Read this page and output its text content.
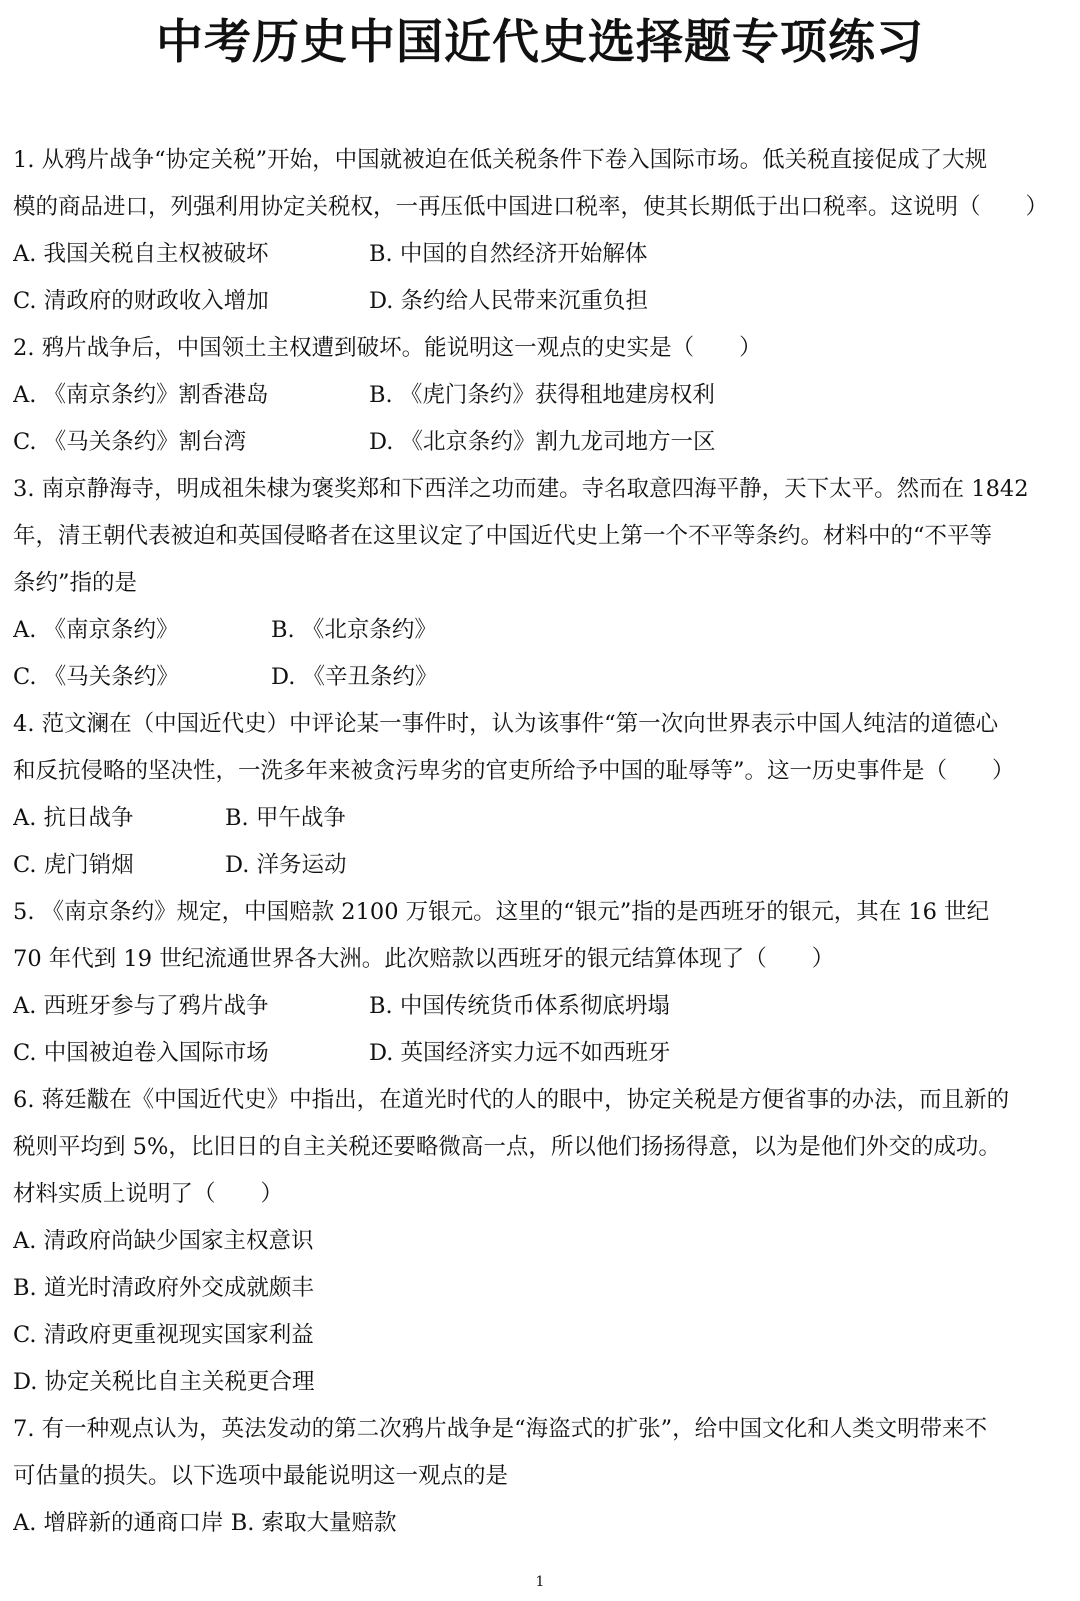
中考历史中国近代史选择题专项练习
1. 从鸦片战争“协定关税”开始，中国就被迫在低关税条件下卷入国际市场。低关税直接促成了大规
模的商品进口，列强利用协定关税权，一再压低中国进口税率，使其长期低于出口税率。这说明（　　）
A. 我国关税自主权被破坏	B. 中国的自然经济开始解体
C. 清政府的财政收入增加	D. 条约给人民带来沉重负担
2. 鸦片战争后，中国领土主权遭到破坏。能说明这一观点的史实是（　　）
A. 《南京条约》割香港岛	B. 《虎门条约》获得租地建房权利
C. 《马关条约》割台湾	D. 《北京条约》割九龙司地方一区
3. 南京静海寺，明成祖朱棣为褒奖郑和下西洋之功而建。寺名取意四海平静，天下太平。然而在 1842
年，清王朝代表被迫和英国侵略者在这里议定了中国近代史上第一个不平等条约。材料中的“不平等
条约”指的是
A. 《南京条约》	B. 《北京条约》
C. 《马关条约》	D. 《辛丑条约》
4. 范文澜在（中国近代史）中评论某一事件时，认为该事件“第一次向世界表示中国人纯洁的道德心
和反抗侵略的坚决性，一洗多年来被贪污卑劣的官吏所给予中国的耻辱等”。这一历史事件是（　　）
A. 抗日战争	B. 甲午战争
C. 虎门销烟	D. 洋务运动
5. 《南京条约》规定，中国赔款 2100 万银元。这里的“银元”指的是西班牙的银元，其在 16 世纪
70 年代到 19 世纪流通世界各大洲。此次赔款以西班牙的银元结算体现了（　　）
A. 西班牙参与了鸦片战争	B. 中国传统货币体系彻底坍塌
C. 中国被迫卷入国际市场	D. 英国经济实力远不如西班牙
6. 蒋廷黻在《中国近代史》中指出，在道光时代的人的眼中，协定关税是方便省事的办法，而且新的
税则平均到 5%，比旧日的自主关税还要略微高一点，所以他们扬扬得意，以为是他们外交的成功。
材料实质上说明了（　　）
A. 清政府尚缺少国家主权意识
B. 道光时清政府外交成就颇丰
C. 清政府更重视现实国家利益
D. 协定关税比自主关税更合理
7. 有一种观点认为，英法发动的第二次鸦片战争是“海盗式的扩张”，给中国文化和人类文明带来不
可估量的损失。以下选项中最能说明这一观点的是
A. 增辟新的通商口岸 B. 索取大量赔款
1
